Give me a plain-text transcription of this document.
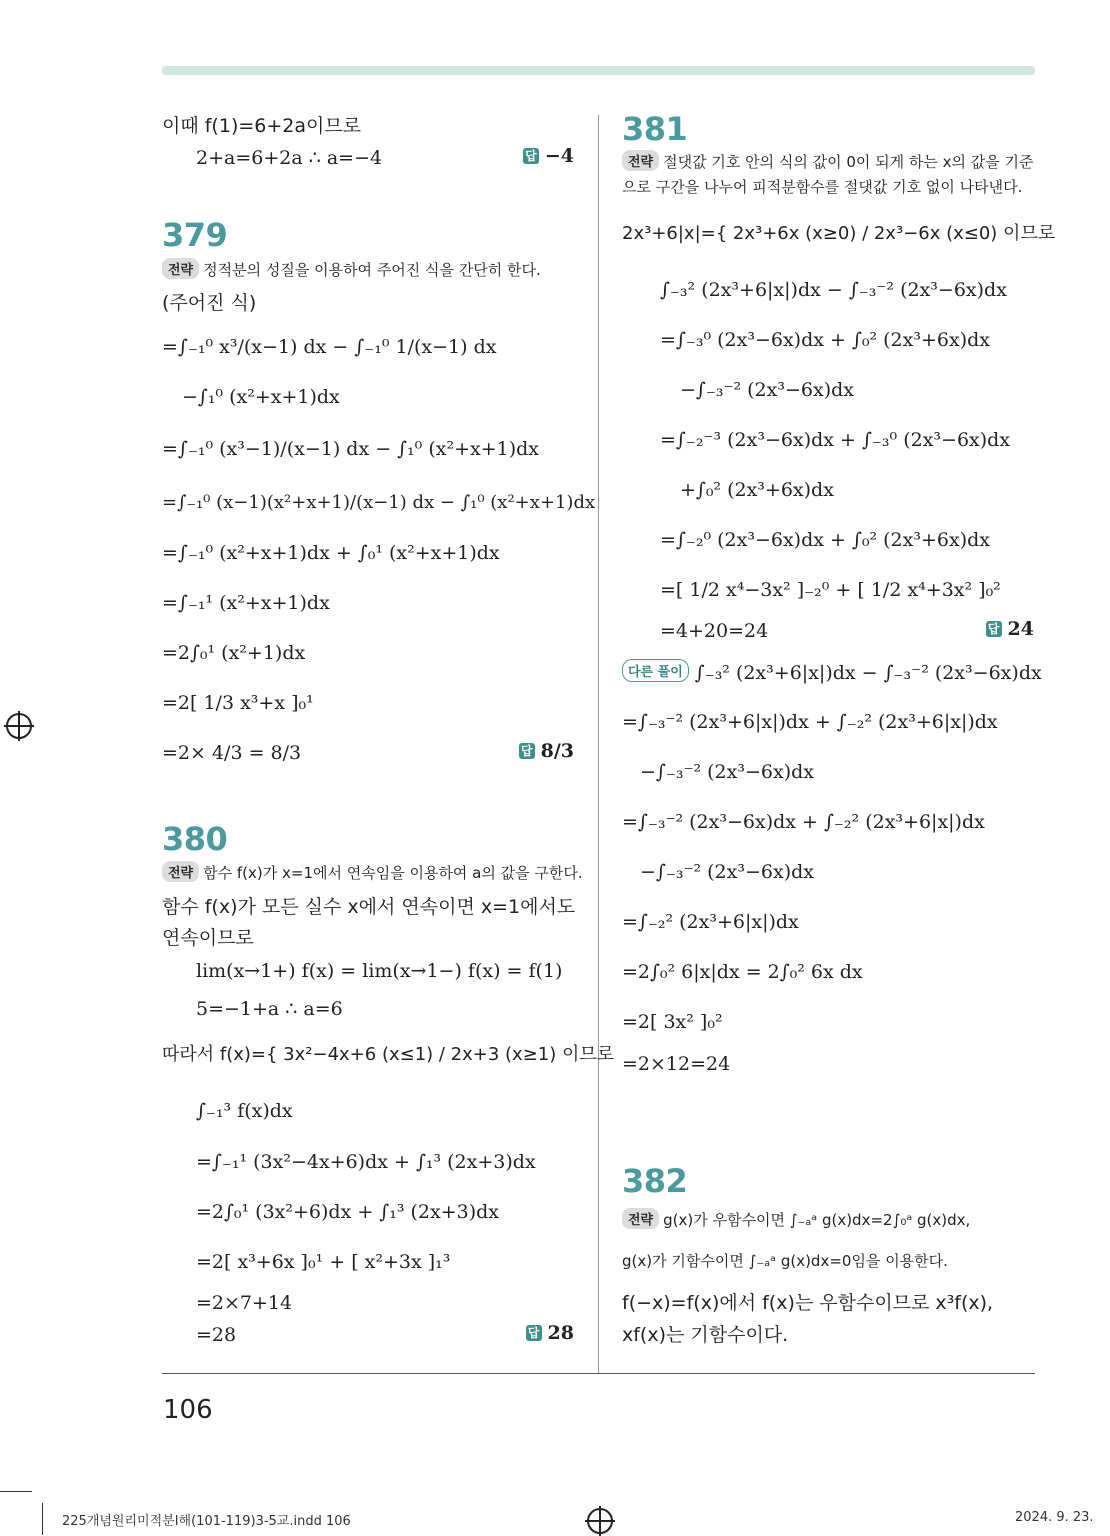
이때 f(1)=6+2a이므로
2+a=6+2a ∴ a=−4	답 −4
379
전략 정적분의 성질을 이용하여 주어진 식을 간단히 한다.
(주어진 식)
=∫₋₁⁰ x³/(x−1) dx − ∫₋₁⁰ 1/(x−1) dx
−∫₁⁰ (x²+x+1)dx
=∫₋₁⁰ (x³−1)/(x−1) dx − ∫₁⁰ (x²+x+1)dx
=∫₋₁⁰ (x−1)(x²+x+1)/(x−1) dx − ∫₁⁰ (x²+x+1)dx
=∫₋₁⁰ (x²+x+1)dx + ∫₀¹ (x²+x+1)dx
=∫₋₁¹ (x²+x+1)dx
=2∫₀¹ (x²+1)dx
=2[ 1/3 x³+x ]₀¹
=2× 4/3 = 8/3	답 8/3
380
전략 함수 f(x)가 x=1에서 연속임을 이용하여 a의 값을 구한다.
함수 f(x)가 모든 실수 x에서 연속이면 x=1에서도
연속이므로
lim(x→1+) f(x) = lim(x→1−) f(x) = f(1)
5=−1+a ∴ a=6
따라서 f(x)={ 3x²−4x+6 (x≤1) / 2x+3 (x≥1) 이므로
∫₋₁³ f(x)dx
=∫₋₁¹ (3x²−4x+6)dx + ∫₁³ (2x+3)dx
=2∫₀¹ (3x²+6)dx + ∫₁³ (2x+3)dx
=2[ x³+6x ]₀¹ + [ x²+3x ]₁³
=2×7+14
=28	답 28
381
전략 절댓값 기호 안의 식의 값이 0이 되게 하는 x의 값을 기준
으로 구간을 나누어 피적분함수를 절댓값 기호 없이 나타낸다.
2x³+6|x|={ 2x³+6x (x≥0) / 2x³−6x (x≤0) 이므로
∫₋₃² (2x³+6|x|)dx − ∫₋₃⁻² (2x³−6x)dx
=∫₋₃⁰ (2x³−6x)dx + ∫₀² (2x³+6x)dx
−∫₋₃⁻² (2x³−6x)dx
=∫₋₂⁻³ (2x³−6x)dx + ∫₋₃⁰ (2x³−6x)dx
+∫₀² (2x³+6x)dx
=∫₋₂⁰ (2x³−6x)dx + ∫₀² (2x³+6x)dx
=[ 1/2 x⁴−3x² ]₋₂⁰ + [ 1/2 x⁴+3x² ]₀²
=4+20=24	답 24
다른 풀이 ∫₋₃² (2x³+6|x|)dx − ∫₋₃⁻² (2x³−6x)dx
=∫₋₃⁻² (2x³+6|x|)dx + ∫₋₂² (2x³+6|x|)dx
−∫₋₃⁻² (2x³−6x)dx
=∫₋₃⁻² (2x³−6x)dx + ∫₋₂² (2x³+6|x|)dx
−∫₋₃⁻² (2x³−6x)dx
=∫₋₂² (2x³+6|x|)dx
=2∫₀² 6|x|dx = 2∫₀² 6x dx
=2[ 3x² ]₀²
=2×12=24
382
전략 g(x)가 우함수이면 ∫₋ₐᵃ g(x)dx=2∫₀ᵃ g(x)dx,
g(x)가 기함수이면 ∫₋ₐᵃ g(x)dx=0임을 이용한다.
f(−x)=f(x)에서 f(x)는 우함수이므로 x³f(x),
xf(x)는 기함수이다.
106
225개념원리미적분Ⅰ해(101-119)3-5교.indd 106	2024. 9. 23.
